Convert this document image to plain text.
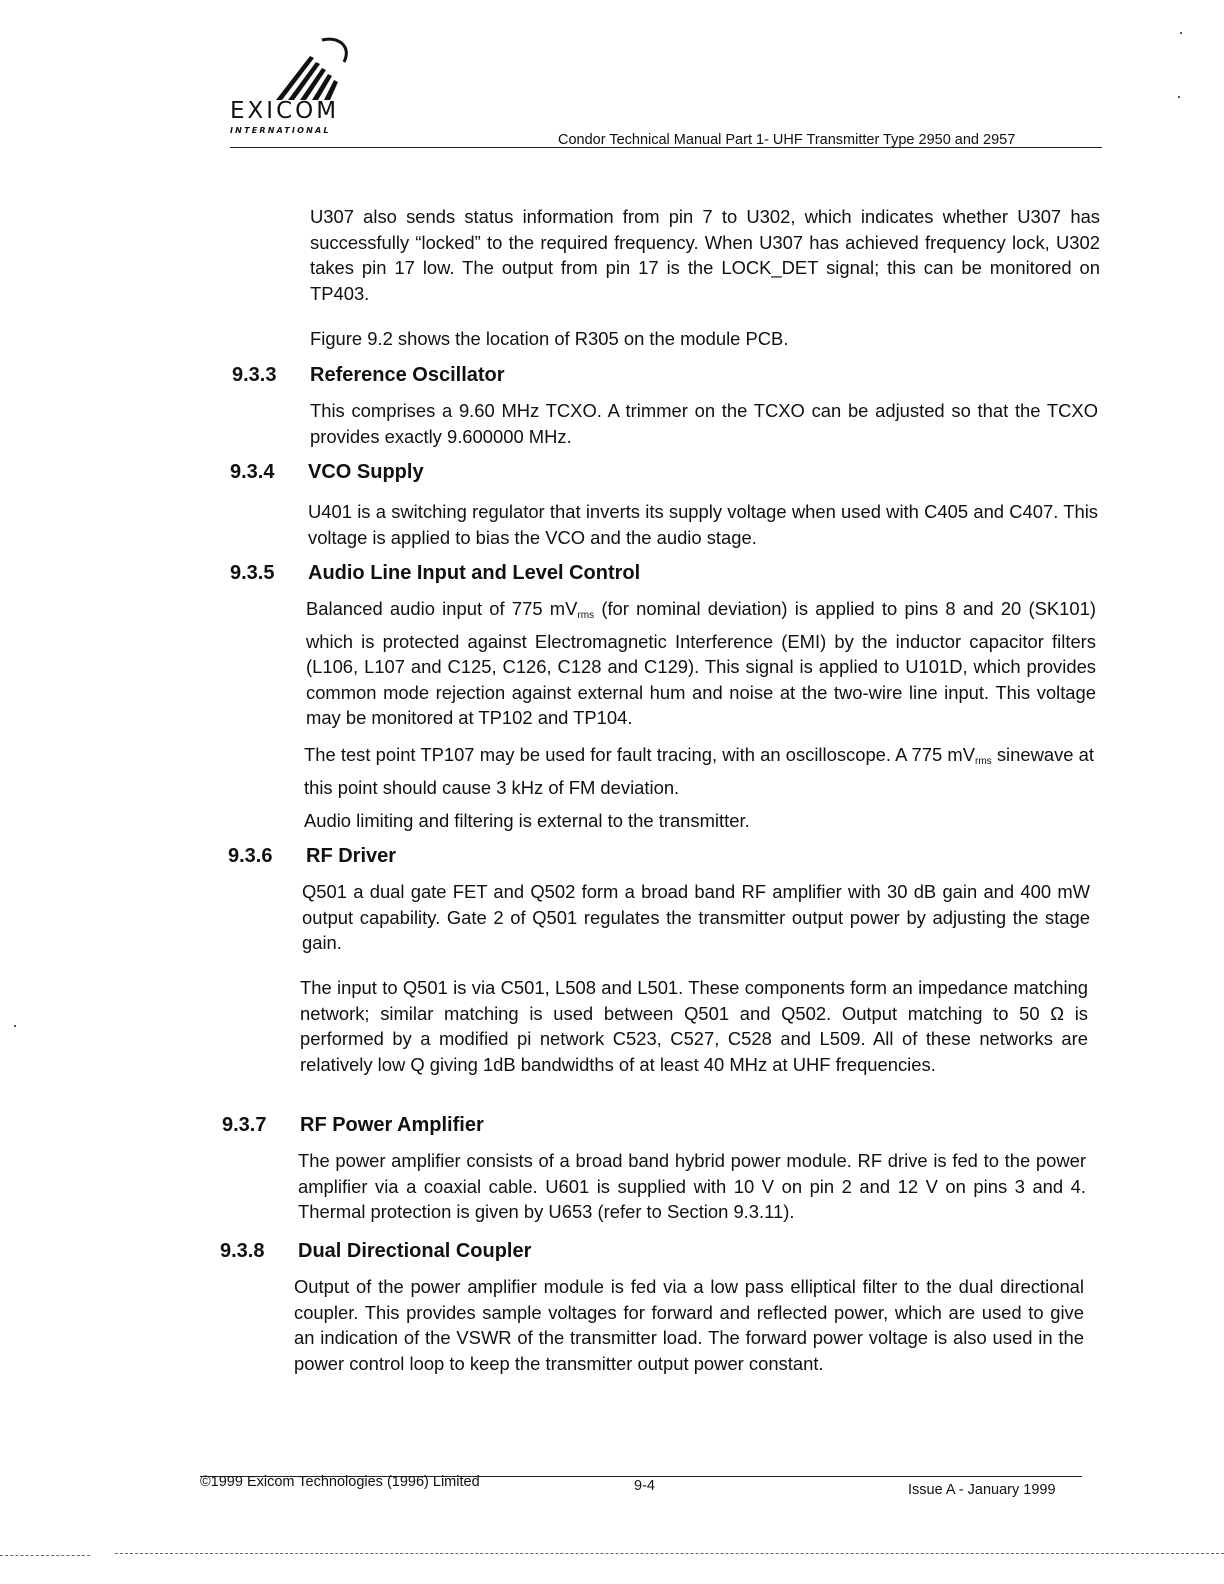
EXICOM
INTERNATIONAL
Condor Technical Manual Part 1- UHF Transmitter Type 2950 and 2957

U307 also sends status information from pin 7 to U302, which indicates whether U307 has successfully “locked” to the required frequency. When U307 has achieved frequency lock, U302 takes pin 17 low. The output from pin 17 is the LOCK_DET signal; this can be monitored on TP403.

Figure 9.2 shows the location of R305 on the module PCB.

9.3.3 Reference Oscillator

This comprises a 9.60 MHz TCXO. A trimmer on the TCXO can be adjusted so that the TCXO provides exactly 9.600000 MHz.

9.3.4 VCO Supply

U401 is a switching regulator that inverts its supply voltage when used with C405 and C407. This voltage is applied to bias the VCO and the audio stage.

9.3.5 Audio Line Input and Level Control

Balanced audio input of 775 $mV_{rms}$ (for nominal deviation) is applied to pins 8 and 20 (SK101) which is protected against Electromagnetic Interference (EMI) by the inductor capacitor filters (L106, L107 and C125, C126, C128 and C129). This signal is applied to U101D, which provides common mode rejection against external hum and noise at the two-wire line input. This voltage may be monitored at TP102 and TP104.

The test point TP107 may be used for fault tracing, with an oscilloscope. A 775 $mV_{rms}$ sinewave at this point should cause 3 kHz of FM deviation.

Audio limiting and filtering is external to the transmitter.

9.3.6 RF Driver

Q501 a dual gate FET and Q502 form a broad band RF amplifier with 30 dB gain and 400 mW output capability. Gate 2 of Q501 regulates the transmitter output power by adjusting the stage gain.

The input to Q501 is via C501, L508 and L501. These components form an impedance matching network; similar matching is used between Q501 and Q502. Output matching to 50 Ω is performed by a modified pi network C523, C527, C528 and L509. All of these networks are relatively low Q giving 1dB bandwidths of at least 40 MHz at UHF frequencies.

9.3.7 RF Power Amplifier

The power amplifier consists of a broad band hybrid power module. RF drive is fed to the power amplifier via a coaxial cable. U601 is supplied with 10 V on pin 2 and 12 V on pins 3 and 4. Thermal protection is given by U653 (refer to Section 9.3.11).

9.3.8 Dual Directional Coupler

Output of the power amplifier module is fed via a low pass elliptical filter to the dual directional coupler. This provides sample voltages for forward and reflected power, which are used to give an indication of the VSWR of the transmitter load. The forward power voltage is also used in the power control loop to keep the transmitter output power constant.

©1999 Exicom Technologies (1996) Limited	9-4	Issue A - January 1999
